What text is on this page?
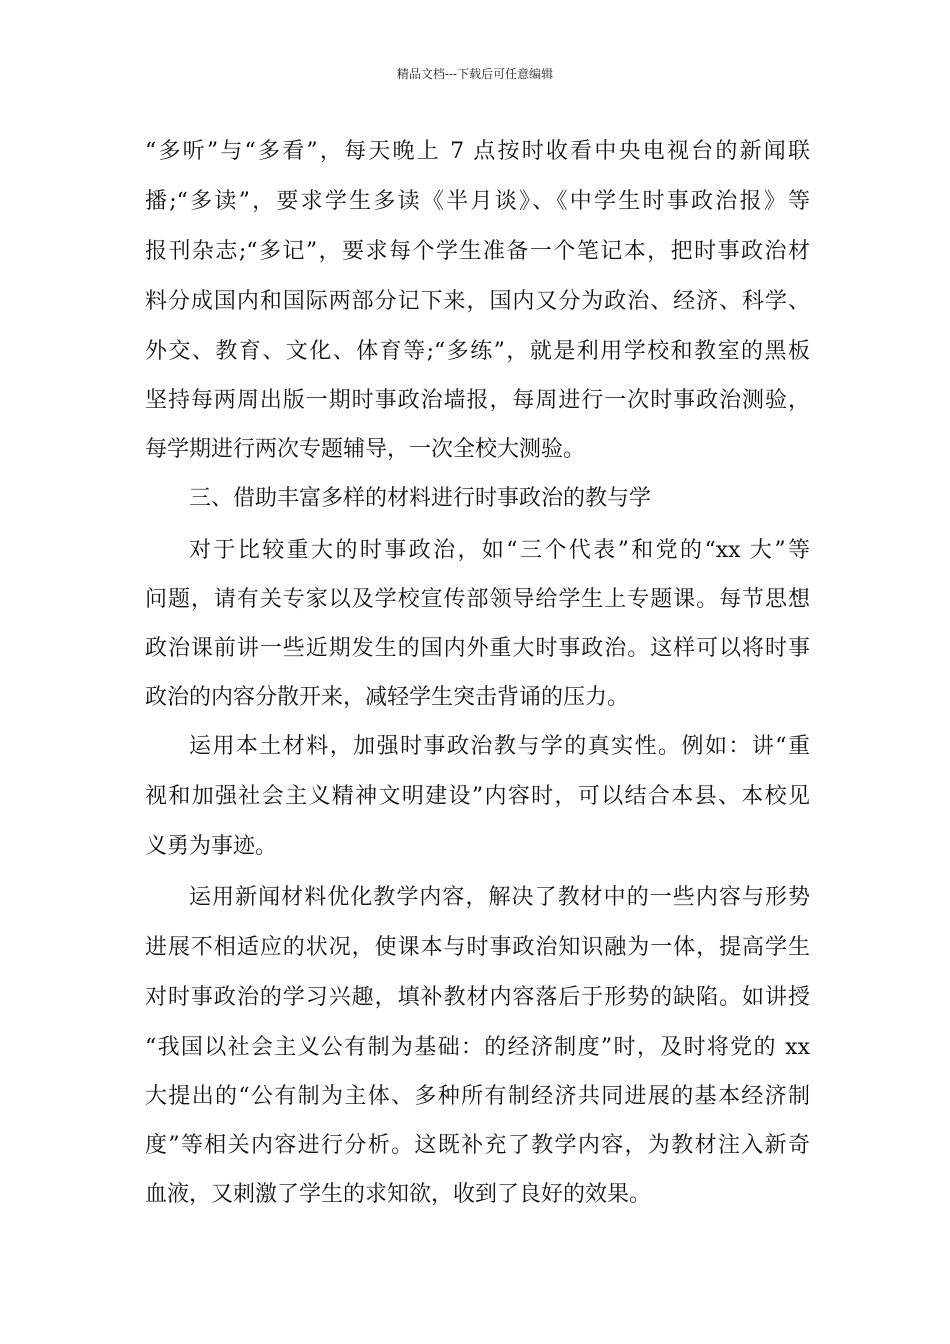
精品文档---下载后可任意编辑
“多听”与“多看”，每天晚上 7 点按时收看中央电视台的新闻联
播;“多读”，要求学生多读《半月谈》、《中学生时事政治报》等
报刊杂志;“多记”，要求每个学生准备一个笔记本，把时事政治材
料分成国内和国际两部分记下来，国内又分为政治、经济、科学、
外交、教育、文化、体育等;“多练”，就是利用学校和教室的黑板
坚持每两周出版一期时事政治墙报，每周进行一次时事政治测验，
每学期进行两次专题辅导，一次全校大测验。
三、借助丰富多样的材料进行时事政治的教与学
对于比较重大的时事政治，如“三个代表”和党的“xx 大”等
问题，请有关专家以及学校宣传部领导给学生上专题课。每节思想
政治课前讲一些近期发生的国内外重大时事政治。这样可以将时事
政治的内容分散开来，减轻学生突击背诵的压力。
运用本土材料，加强时事政治教与学的真实性。例如：讲“重
视和加强社会主义精神文明建设”内容时，可以结合本县、本校见
义勇为事迹。
运用新闻材料优化教学内容，解决了教材中的一些内容与形势
进展不相适应的状况，使课本与时事政治知识融为一体，提高学生
对时事政治的学习兴趣，填补教材内容落后于形势的缺陷。如讲授
“我国以社会主义公有制为基础：的经济制度”时，及时将党的 xx
大提出的“公有制为主体、多种所有制经济共同进展的基本经济制
度”等相关内容进行分析。这既补充了教学内容，为教材注入新奇
血液，又刺激了学生的求知欲，收到了良好的效果。
